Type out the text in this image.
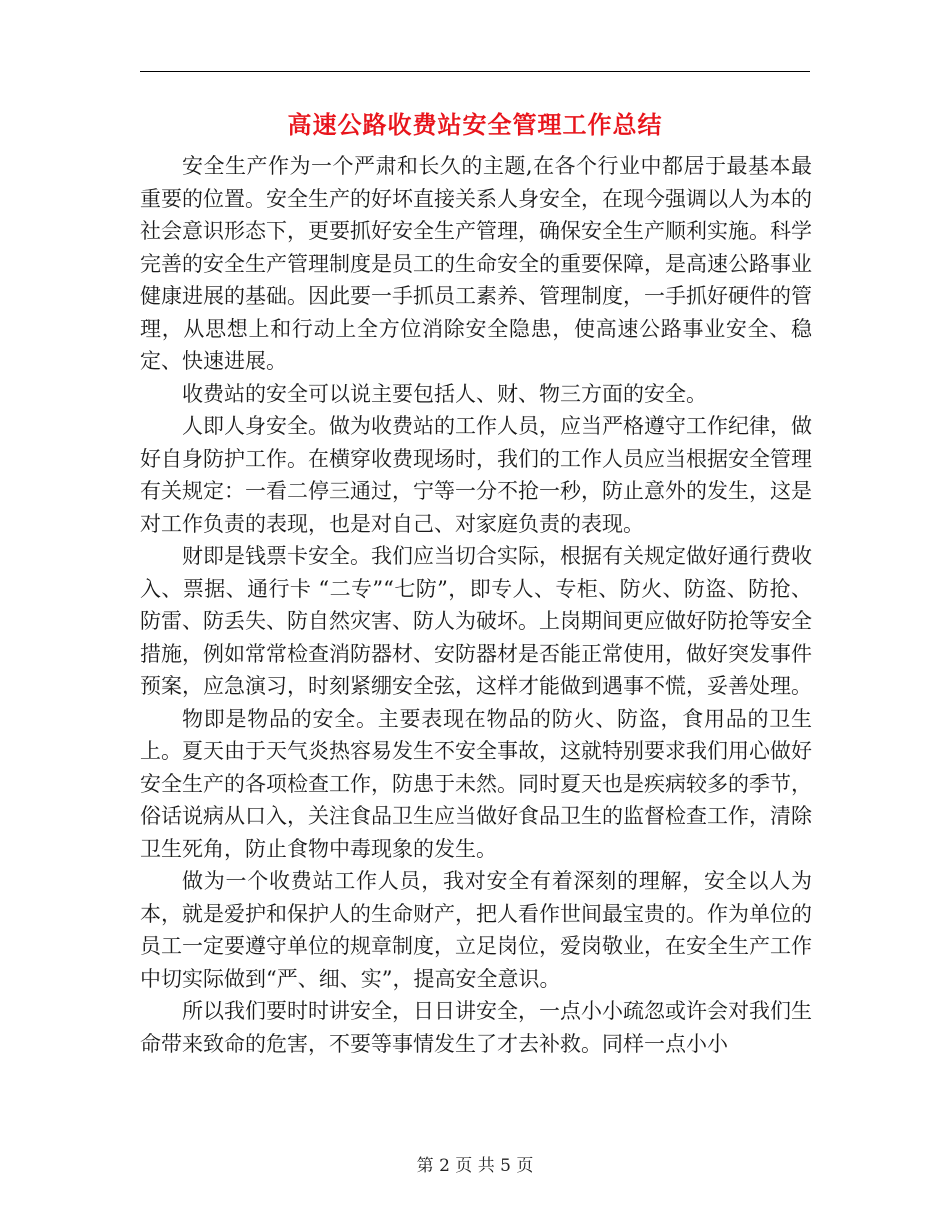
高速公路收费站安全管理工作总结

安全生产作为一个严肃和长久的主题,在各个行业中都居于最基本最重要的位置。安全生产的好坏直接关系人身安全，在现今强调以人为本的社会意识形态下，更要抓好安全生产管理，确保安全生产顺利实施。科学完善的安全生产管理制度是员工的生命安全的重要保障，是高速公路事业健康进展的基础。因此要一手抓员工素养、管理制度，一手抓好硬件的管理，从思想上和行动上全方位消除安全隐患，使高速公路事业安全、稳定、快速进展。

收费站的安全可以说主要包括人、财、物三方面的安全。

人即人身安全。做为收费站的工作人员，应当严格遵守工作纪律，做好自身防护工作。在横穿收费现场时，我们的工作人员应当根据安全管理有关规定：一看二停三通过，宁等一分不抢一秒，防止意外的发生，这是对工作负责的表现，也是对自己、对家庭负责的表现。

财即是钱票卡安全。我们应当切合实际，根据有关规定做好通行费收入、票据、通行卡 “二专”“七防”，即专人、专柜、防火、防盗、防抢、防雷、防丢失、防自然灾害、防人为破坏。上岗期间更应做好防抢等安全措施，例如常常检查消防器材、安防器材是否能正常使用，做好突发事件预案，应急演习，时刻紧绷安全弦，这样才能做到遇事不慌，妥善处理。

物即是物品的安全。主要表现在物品的防火、防盗，食用品的卫生上。夏天由于天气炎热容易发生不安全事故，这就特别要求我们用心做好安全生产的各项检查工作，防患于未然。同时夏天也是疾病较多的季节，俗话说病从口入，关注食品卫生应当做好食品卫生的监督检查工作，清除卫生死角，防止食物中毒现象的发生。

做为一个收费站工作人员，我对安全有着深刻的理解，安全以人为本，就是爱护和保护人的生命财产，把人看作世间最宝贵的。作为单位的员工一定要遵守单位的规章制度，立足岗位，爱岗敬业，在安全生产工作中切实际做到“严、细、实”，提高安全意识。

所以我们要时时讲安全，日日讲安全，一点小小疏忽或许会对我们生命带来致命的危害，不要等事情发生了才去补救。同样一点小小

第 2 页 共 5 页
